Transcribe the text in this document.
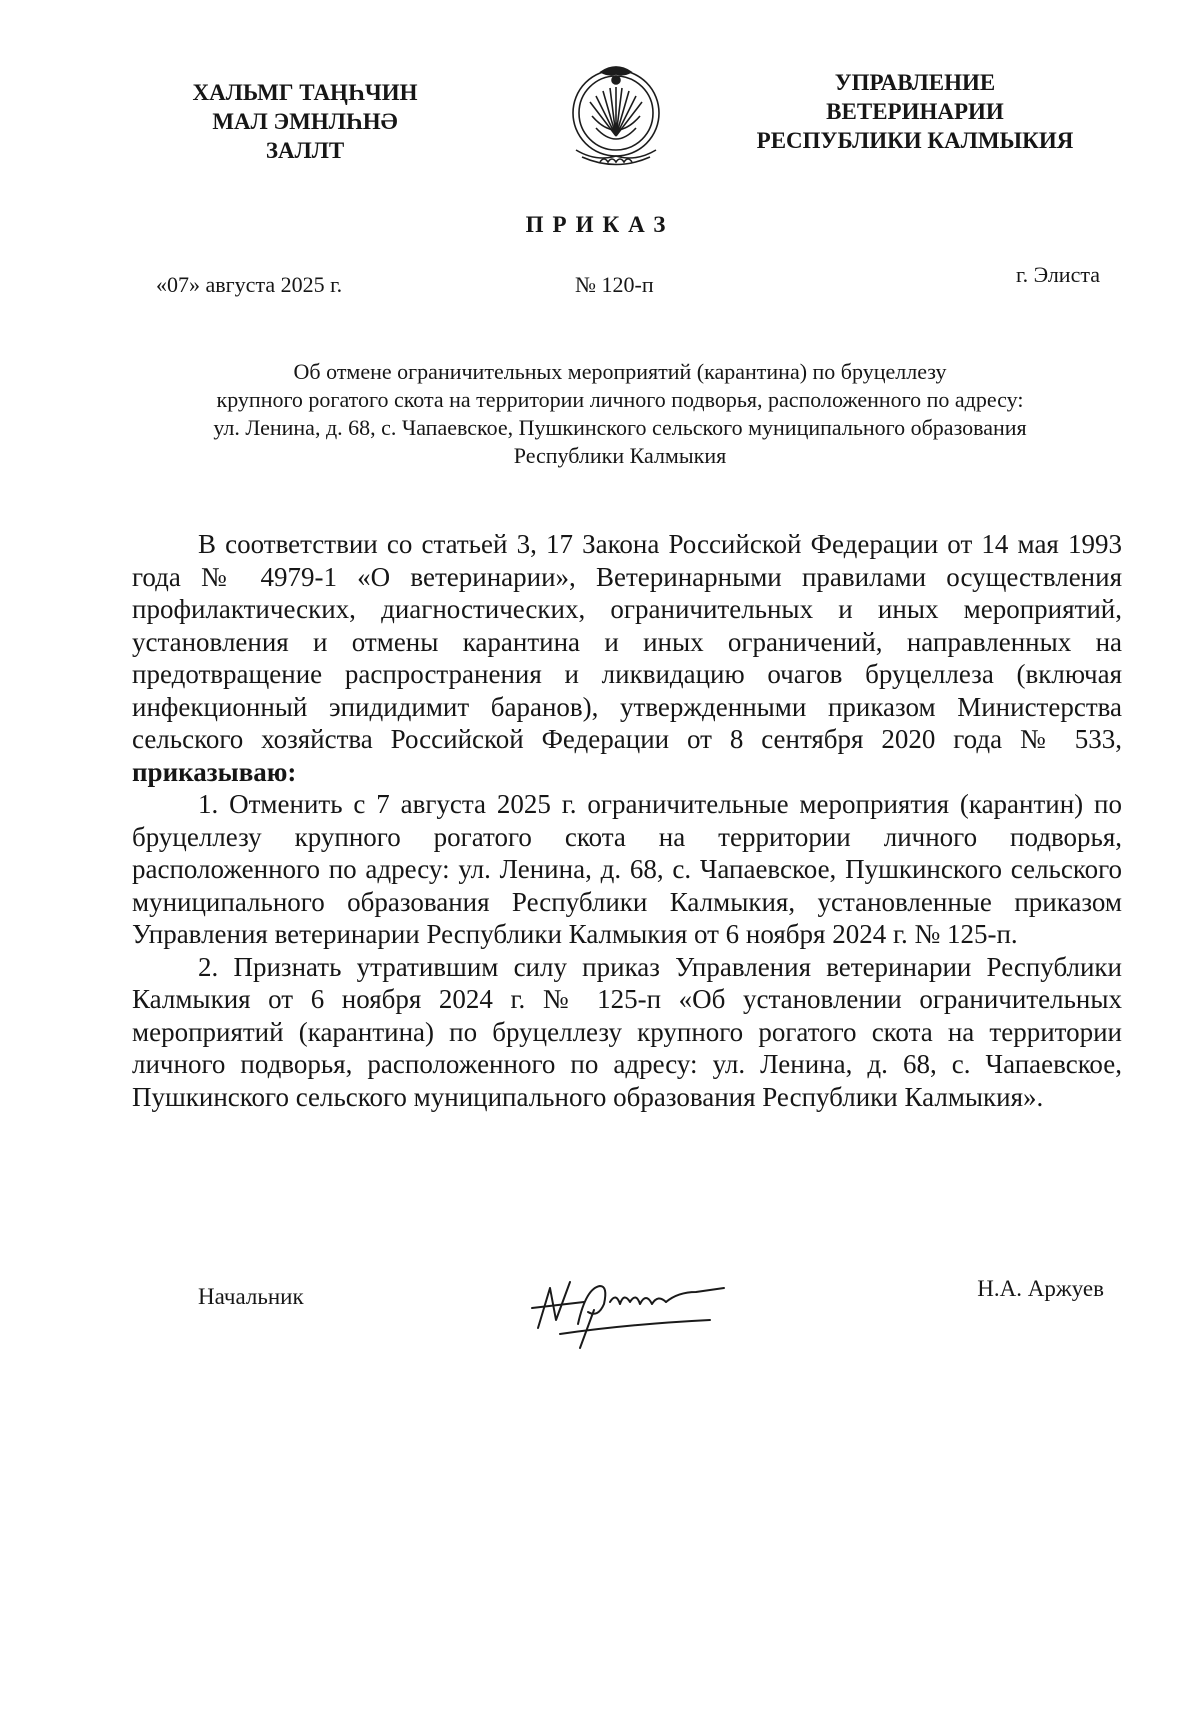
ХАЛЬМГ ТАҢҺЧИН
МАЛ ЭМНЛҺНӘ
ЗАЛЛТ
УПРАВЛЕНИЕ
ВЕТЕРИНАРИИ
РЕСПУБЛИКИ КАЛМЫКИЯ
ПРИКАЗ
«07» августа 2025 г.	№ 120-п	г. Элиста
Об отмене ограничительных мероприятий (карантина) по бруцеллезу
крупного рогатого скота на территории личного подворья, расположенного по адресу:
ул. Ленина, д. 68, с. Чапаевское, Пушкинского сельского муниципального образования
Республики Калмыкия

В соответствии со статьей 3, 17 Закона Российской Федерации от 14 мая 1993 года № 4979-1 «О ветеринарии», Ветеринарными правилами осуществления профилактических, диагностических, ограничительных и иных мероприятий, установления и отмены карантина и иных ограничений, направленных на предотвращение распространения и ликвидацию очагов бруцеллеза (включая инфекционный эпидидимит баранов), утвержденными приказом Министерства сельского хозяйства Российской Федерации от 8 сентября 2020 года № 533, приказываю:

1. Отменить с 7 августа 2025 г. ограничительные мероприятия (карантин) по бруцеллезу крупного рогатого скота на территории личного подворья, расположенного по адресу: ул. Ленина, д. 68, с. Чапаевское, Пушкинского сельского муниципального образования Республики Калмыкия, установленные приказом Управления ветеринарии Республики Калмыкия от 6 ноября 2024 г. № 125-п.

2. Признать утратившим силу приказ Управления ветеринарии Республики Калмыкия от 6 ноября 2024 г. № 125-п «Об установлении ограничительных мероприятий (карантина) по бруцеллезу крупного рогатого скота на территории личного подворья, расположенного по адресу: ул. Ленина, д. 68, с. Чапаевское, Пушкинского сельского муниципального образования Республики Калмыкия».

Начальник	Н.А. Аржуев
